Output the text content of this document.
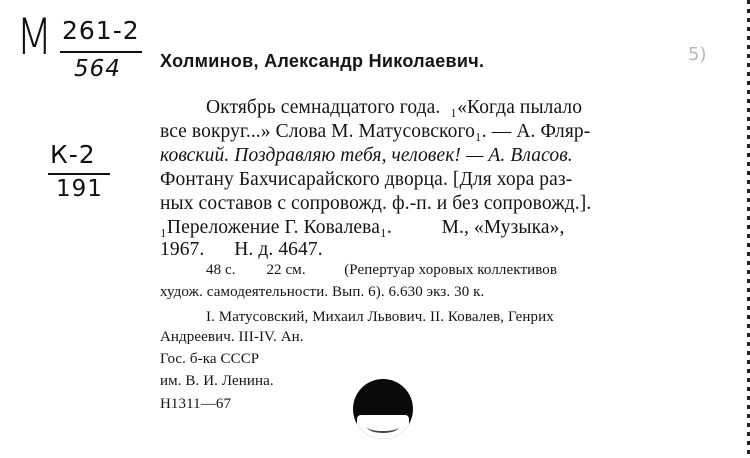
М 261-2
564
К-2
191
5)
Холминов, Александр Николаевич.
Октябрь семнадцатого года.  ₁«Когда пылало
все вокруг...» Слова М. Матусовского₁. — А. Фляр-
ковский. Поздравляю тебя, человек! — А. Власов.
Фонтану Бахчисарайского дворца. [Для хора раз-
ных составов с сопровожд. ф.-п. и без сопровожд.].
₁Переложение Г. Ковалева₁.          М., «Музыка»,
1967.      Н. д. 4647.
48 с.        22 см.          (Репертуар хоровых коллективов
худож. самодеятельности. Вып. 6). 6.630 экз. 30 к.
I. Матусовский, Михаил Львович. II. Ковалев, Генрих
Андреевич. III-IV. Ан.
Гос. б-ка СССР
им. В. И. Ленина.
Н1311—67
